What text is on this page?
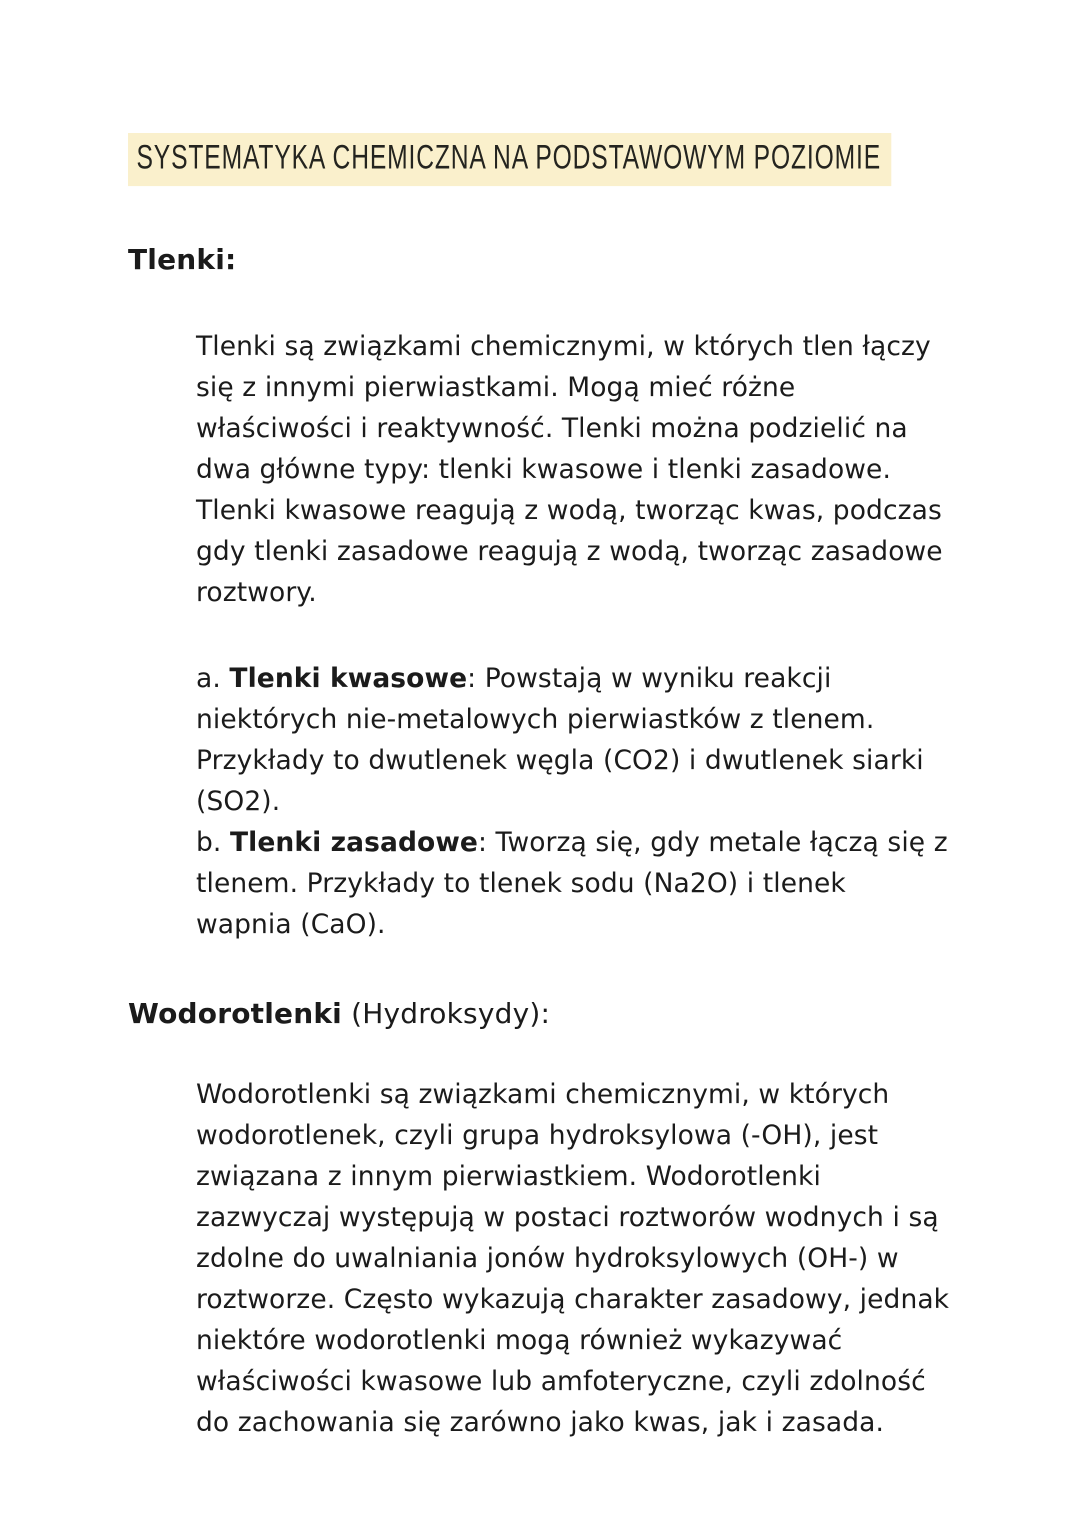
SYSTEMATYKA CHEMICZNA NA PODSTAWOWYM POZIOMIE
Tlenki:

Tlenki są związkami chemicznymi, w których tlen łączy się z innymi pierwiastkami. Mogą mieć różne właściwości i reaktywność. Tlenki można podzielić na dwa główne typy: tlenki kwasowe i tlenki zasadowe. Tlenki kwasowe reagują z wodą, tworząc kwas, podczas gdy tlenki zasadowe reagują z wodą, tworząc zasadowe roztwory.

a. Tlenki kwasowe: Powstają w wyniku reakcji niektórych nie-metalowych pierwiastków z tlenem. Przykłady to dwutlenek węgla (CO2) i dwutlenek siarki (SO2).
b. Tlenki zasadowe: Tworzą się, gdy metale łączą się z tlenem. Przykłady to tlenek sodu (Na2O) i tlenek wapnia (CaO).

Wodorotlenki (Hydroksydy):

Wodorotlenki są związkami chemicznymi, w których wodorotlenek, czyli grupa hydroksylowa (-OH), jest związana z innym pierwiastkiem. Wodorotlenki zazwyczaj występują w postaci roztworów wodnych i są zdolne do uwalniania jonów hydroksylowych (OH-) w roztworze. Często wykazują charakter zasadowy, jednak niektóre wodorotlenki mogą również wykazywać właściwości kwasowe lub amfoteryczne, czyli zdolność do zachowania się zarówno jako kwas, jak i zasada.
